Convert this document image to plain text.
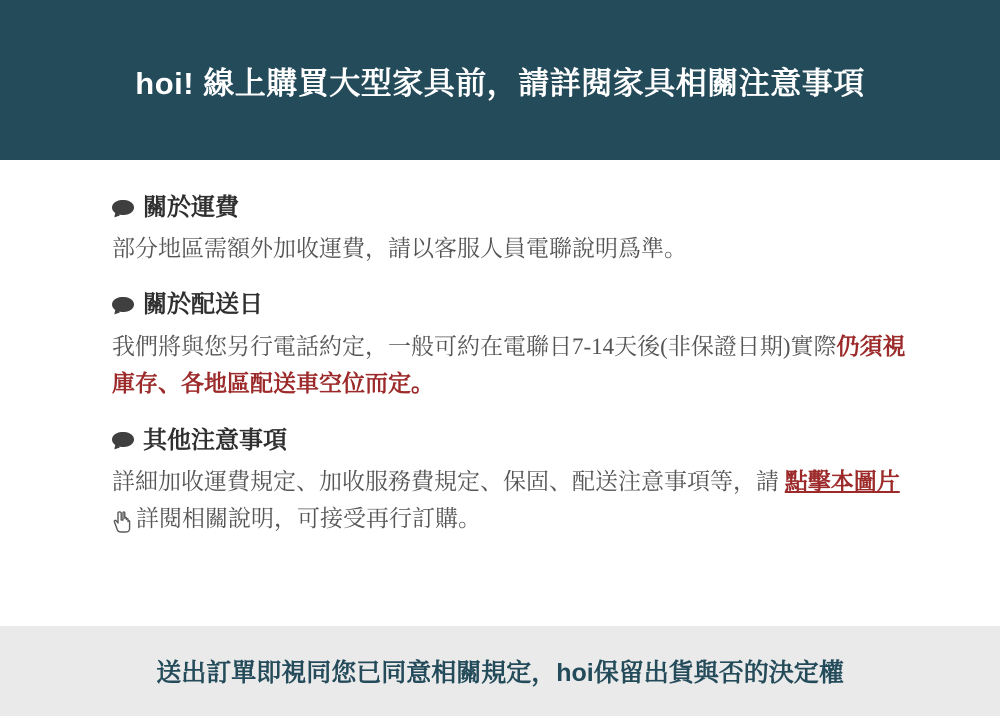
hoi! 線上購買大型家具前，請詳閱家具相關注意事項
關於運費
部分地區需額外加收運費，請以客服人員電聯說明爲準。
關於配送日
我們將與您另行電話約定，一般可約在電聯日7-14天後(非保證日期)實際仍須視庫存、各地區配送車空位而定。
其他注意事項
詳細加收運費規定、加收服務費規定、保固、配送注意事項等，請 點擊本圖片詳閱相關說明，可接受再行訂購。
送出訂單即視同您已同意相關規定，hoi保留出貨與否的決定權
